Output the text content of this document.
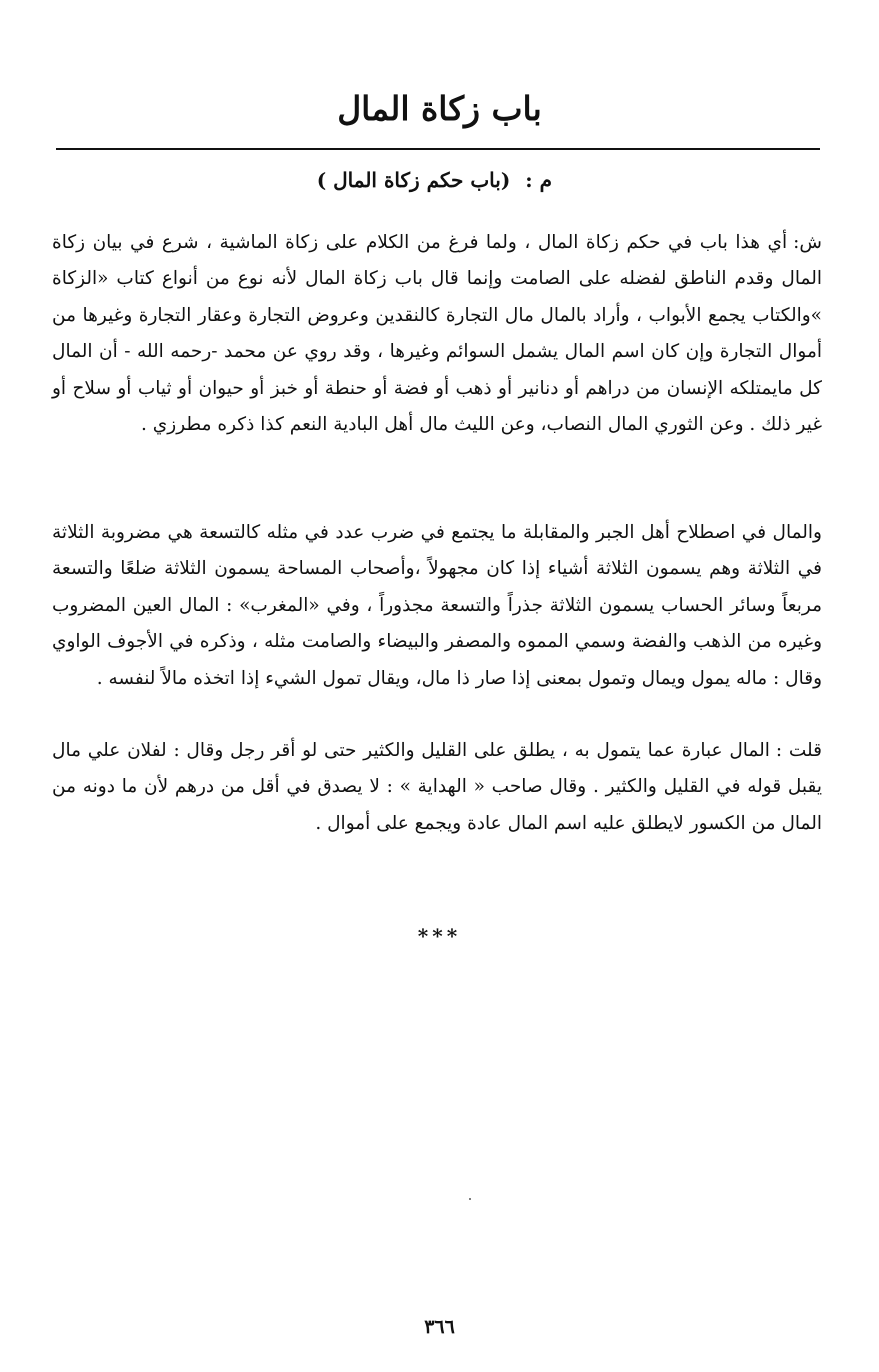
باب زكاة المال
م : (باب حكم زكاة المال )

ش:أي هذا باب في حكم زكاة المال ، ولما فرغ من الكلام على زكاة الماشية ، شرع في بيان زكاة المال وقدم الناطق لفضله على الصامت وإنما قال باب زكاة المال لأنه نوع من أنواع كتاب «الزكاة »والكتاب يجمع الأبواب ، وأراد بالمال مال التجارة كالنقدين وعروض التجارة وعقار التجارة وغيرها من أموال التجارة وإن كان اسم المال يشمل السوائم وغيرها ، وقد روي عن محمد -رحمه الله - أن المال كل مايمتلكه الإنسان من دراهم أو دنانير أو ذهب أو فضة أو حنطة أو خبز أو حيوان أو ثياب أو سلاح أو غير ذلك . وعن الثوري المال النصاب، وعن الليث مال أهل البادية النعم كذا ذكره مطرزي .

والمال في اصطلاح أهل الجبر والمقابلة ما يجتمع في ضرب عدد في مثله كالتسعة هي مضروبة الثلاثة في الثلاثة وهم يسمون الثلاثة أشياء إذا كان مجهولاً ،وأصحاب المساحة يسمون الثلاثة ضلعًا والتسعة مربعاً وسائر الحساب يسمون الثلاثة جذراً والتسعة مجذوراً ، وفي «المغرب» : المال العين المضروب وغيره من الذهب والفضة وسمي المموه والمصفر والبيضاء والصامت مثله ، وذكره في الأجوف الواوي وقال : ماله يمول ويمال وتمول بمعنى إذا صار ذا مال، ويقال تمول الشيء إذا اتخذه مالاً لنفسه .

قلت :المال عبارة عما يتمول به ، يطلق على القليل والكثير حتى لو أقر رجل وقال : لفلان علي مال يقبل قوله في القليل والكثير . وقال صاحب « الهداية » : لا يصدق في أقل من درهم لأن ما دونه من المال من الكسور لايطلق عليه اسم المال عادة ويجمع على أموال .

***
٣٦٦
